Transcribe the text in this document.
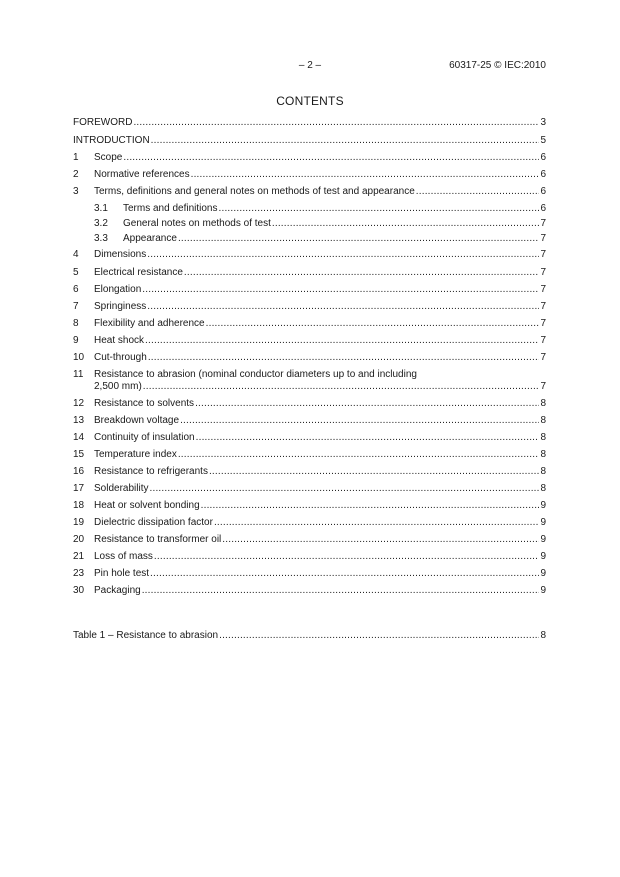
– 2 –	60317-25 © IEC:2010
CONTENTS
FOREWORD .....	3
INTRODUCTION .....	5
1	Scope .....	6
2	Normative references .....	6
3	Terms, definitions and general notes on methods of test and appearance .....	6
3.1	Terms and definitions .....	6
3.2	General notes on methods of test .....	7
3.3	Appearance .....	7
4	Dimensions .....	7
5	Electrical resistance .....	7
6	Elongation .....	7
7	Springiness .....	7
8	Flexibility and adherence .....	7
9	Heat shock .....	7
10 Cut-through .....	7
11 Resistance to abrasion (nominal conductor diameters up to and including
2,500 mm) .....	7
12 Resistance to solvents .....	8
13 Breakdown voltage .....	8
14 Continuity of insulation .....	8
15 Temperature index .....	8
16 Resistance to refrigerants .....	8
17 Solderability .....	8
18 Heat or solvent bonding .....	9
19 Dielectric dissipation factor .....	9
20 Resistance to transformer oil .....	9
21 Loss of mass .....	9
23 Pin hole test .....	9
30 Packaging .....	9
Table 1 – Resistance to abrasion .....	8
